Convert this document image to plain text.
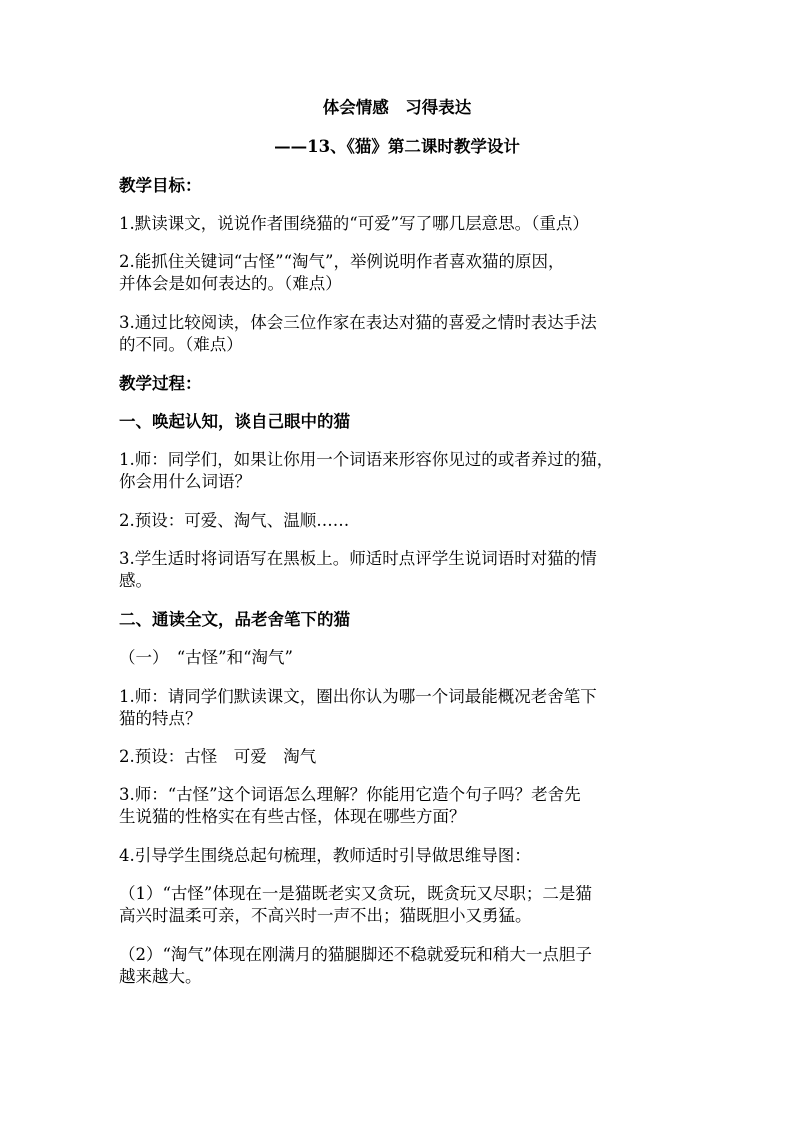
体会情感　习得表达
——13、《猫》第二课时教学设计
教学目标：
1.默读课文，说说作者围绕猫的“可爱”写了哪几层意思。（重点）
2.能抓住关键词“古怪”“淘气”，举例说明作者喜欢猫的原因，
并体会是如何表达的。（难点）
3.通过比较阅读，体会三位作家在表达对猫的喜爱之情时表达手法
的不同。（难点）
教学过程：
一、唤起认知，谈自己眼中的猫
1.师：同学们，如果让你用一个词语来形容你见过的或者养过的猫，
你会用什么词语？
2.预设：可爱、淘气、温顺……
3.学生适时将词语写在黑板上。师适时点评学生说词语时对猫的情
感。
二、通读全文，品老舍笔下的猫
（一）　“古怪”和“淘气”
1.师：请同学们默读课文，圈出你认为哪一个词最能概况老舍笔下
猫的特点？
2.预设：古怪　可爱　淘气
3.师：“古怪”这个词语怎么理解？你能用它造个句子吗？老舍先
生说猫的性格实在有些古怪，体现在哪些方面？
4.引导学生围绕总起句梳理，教师适时引导做思维导图：
（1）“古怪”体现在一是猫既老实又贪玩，既贪玩又尽职；二是猫
高兴时温柔可亲，不高兴时一声不出；猫既胆小又勇猛。
（2）“淘气”体现在刚满月的猫腿脚还不稳就爱玩和稍大一点胆子
越来越大。
